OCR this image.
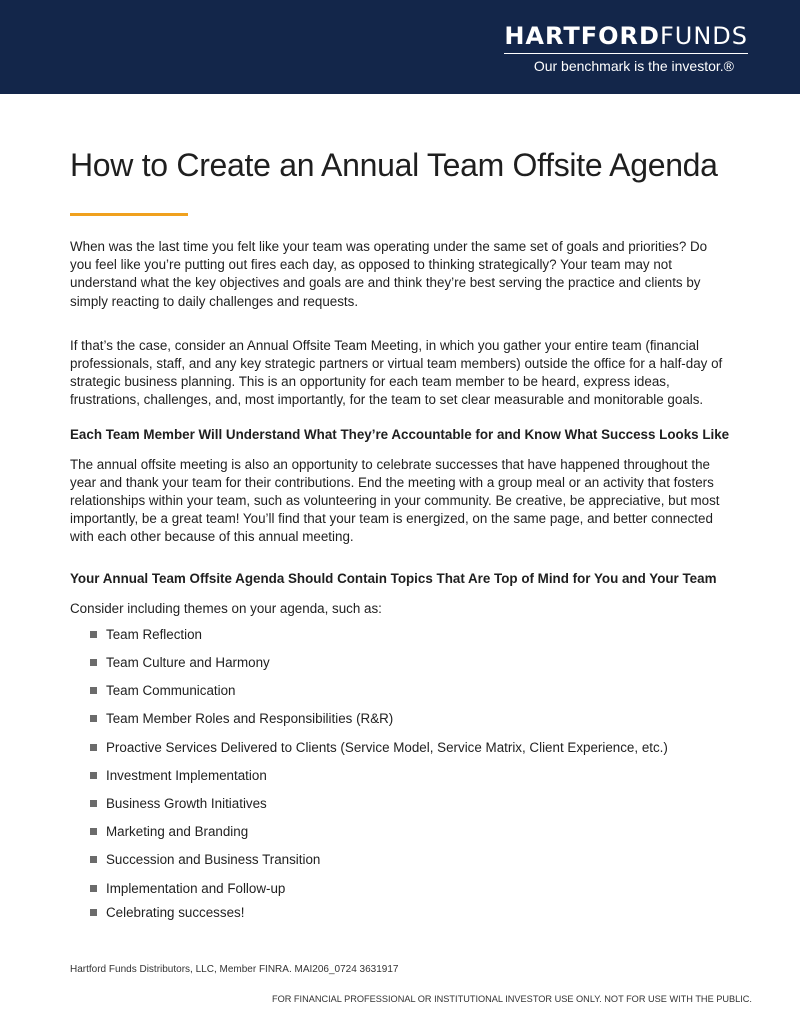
HARTFORDFUNDS
Our benchmark is the investor.®
How to Create an Annual Team Offsite Agenda

When was the last time you felt like your team was operating under the same set of goals and priorities? Do you feel like you’re putting out fires each day, as opposed to thinking strategically? Your team may not understand what the key objectives and goals are and think they’re best serving the practice and clients by simply reacting to daily challenges and requests.

If that’s the case, consider an Annual Offsite Team Meeting, in which you gather your entire team (financial professionals, staff, and any key strategic partners or virtual team members) outside the office for a half-day of strategic business planning. This is an opportunity for each team member to be heard, express ideas, frustrations, challenges, and, most importantly, for the team to set clear measurable and monitorable goals.

Each Team Member Will Understand What They’re Accountable for and Know What Success Looks Like

The annual offsite meeting is also an opportunity to celebrate successes that have happened throughout the year and thank your team for their contributions. End the meeting with a group meal or an activity that fosters relationships within your team, such as volunteering in your community. Be creative, be appreciative, but most importantly, be a great team! You’ll find that your team is energized, on the same page, and better connected with each other because of this annual meeting.

Your Annual Team Offsite Agenda Should Contain Topics That Are Top of Mind for You and Your Team

Consider including themes on your agenda, such as:

Team Reflection
Team Culture and Harmony
Team Communication
Team Member Roles and Responsibilities (R&R)
Proactive Services Delivered to Clients (Service Model, Service Matrix, Client Experience, etc.)
Investment Implementation
Business Growth Initiatives
Marketing and Branding
Succession and Business Transition
Implementation and Follow-up
Celebrating successes!
Hartford Funds Distributors, LLC, Member FINRA. MAI206_0724 3631917
FOR FINANCIAL PROFESSIONAL OR INSTITUTIONAL INVESTOR USE ONLY. NOT FOR USE WITH THE PUBLIC.
